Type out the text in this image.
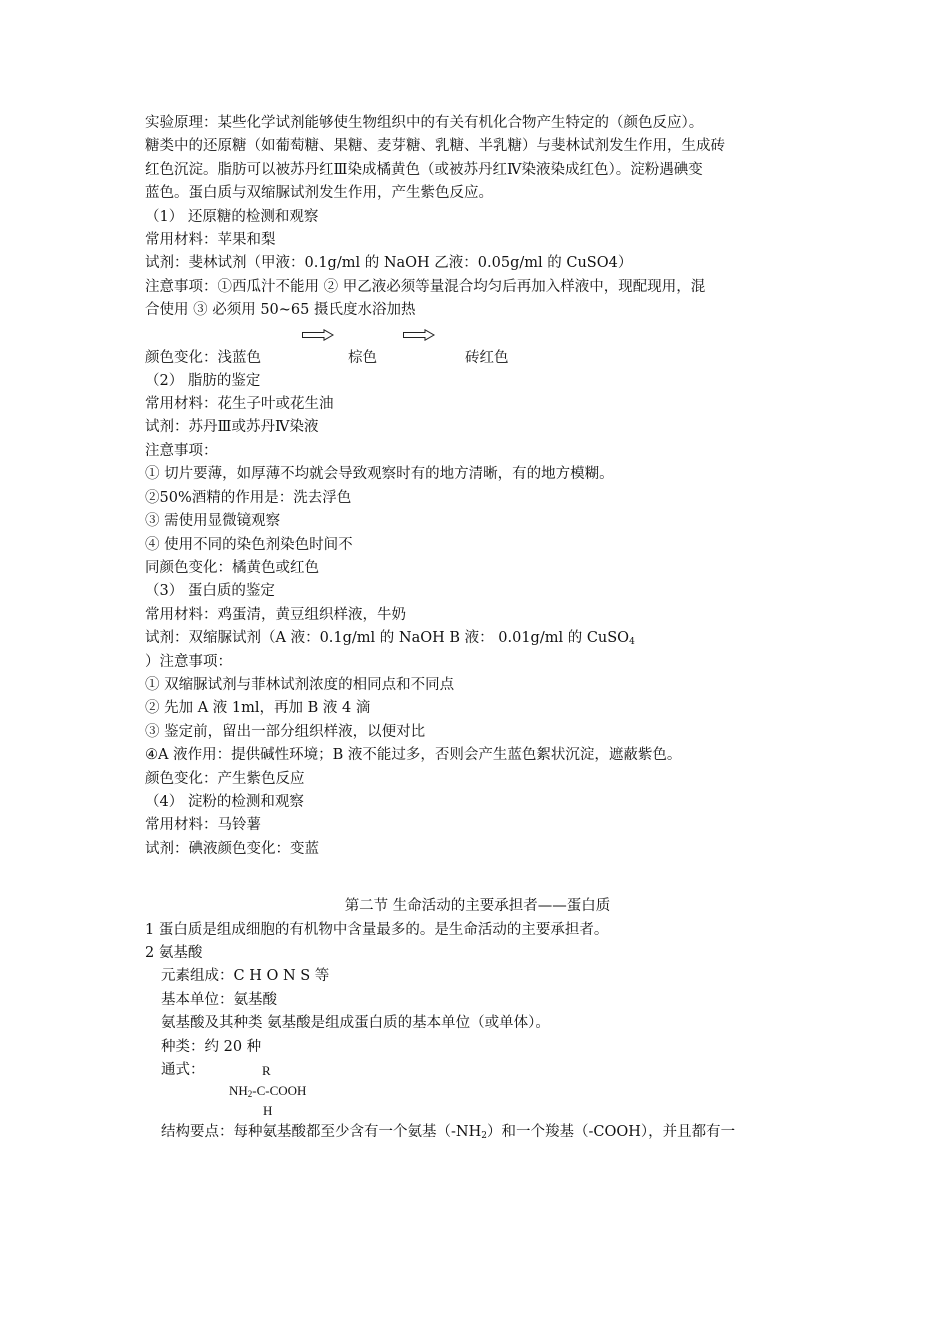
实验原理：某些化学试剂能够使生物组织中的有关有机化合物产生特定的（颜色反应）。
糖类中的还原糖（如葡萄糖、果糖、麦芽糖、乳糖、半乳糖）与斐林试剂发生作用，生成砖
红色沉淀。脂肪可以被苏丹红Ⅲ染成橘黄色（或被苏丹红Ⅳ染液染成红色）。淀粉遇碘变
蓝色。蛋白质与双缩脲试剂发生作用，产生紫色反应。
（1） 还原糖的检测和观察
常用材料：苹果和梨
试剂：斐林试剂（甲液：0.1g/ml 的 NaOH 乙液：0.05g/ml 的 CuSO4）
注意事项：①西瓜汁不能用 ② 甲乙液必须等量混合均匀后再加入样液中，现配现用，混
合使用 ③ 必须用 50~65 摄氏度水浴加热
颜色变化：浅蓝色	棕色	砖红色
（2） 脂肪的鉴定
常用材料：花生子叶或花生油
试剂：苏丹Ⅲ或苏丹Ⅳ染液
注意事项：
① 切片要薄，如厚薄不均就会导致观察时有的地方清晰，有的地方模糊。
②50%酒精的作用是：洗去浮色
③ 需使用显微镜观察
④ 使用不同的染色剂染色时间不
同颜色变化：橘黄色或红色
（3） 蛋白质的鉴定
常用材料：鸡蛋清，黄豆组织样液，牛奶
试剂：双缩脲试剂（A 液：0.1g/ml 的 NaOH B 液： 0.01g/ml 的 CuSO$_4$
）注意事项：
① 双缩脲试剂与菲林试剂浓度的相同点和不同点
② 先加 A 液 1ml，再加 B 液 4 滴
③ 鉴定前，留出一部分组织样液，以便对比
④A 液作用：提供碱性环境；B 液不能过多，否则会产生蓝色絮状沉淀，遮蔽紫色。
颜色变化：产生紫色反应
（4） 淀粉的检测和观察
常用材料：马铃薯
试剂：碘液颜色变化：变蓝
第二节 生命活动的主要承担者——蛋白质
1 蛋白质是组成细胞的有机物中含量最多的。是生命活动的主要承担者。
2 氨基酸
元素组成：C H O N S 等
基本单位：氨基酸
氨基酸及其种类 氨基酸是组成蛋白质的基本单位（或单体）。
种类：约 20 种
通式：	R
$NH_2-C$-COOH
H
结构要点：每种氨基酸都至少含有一个氨基$(-NH_2)$和一个羧基（-COOH），并且都有一
